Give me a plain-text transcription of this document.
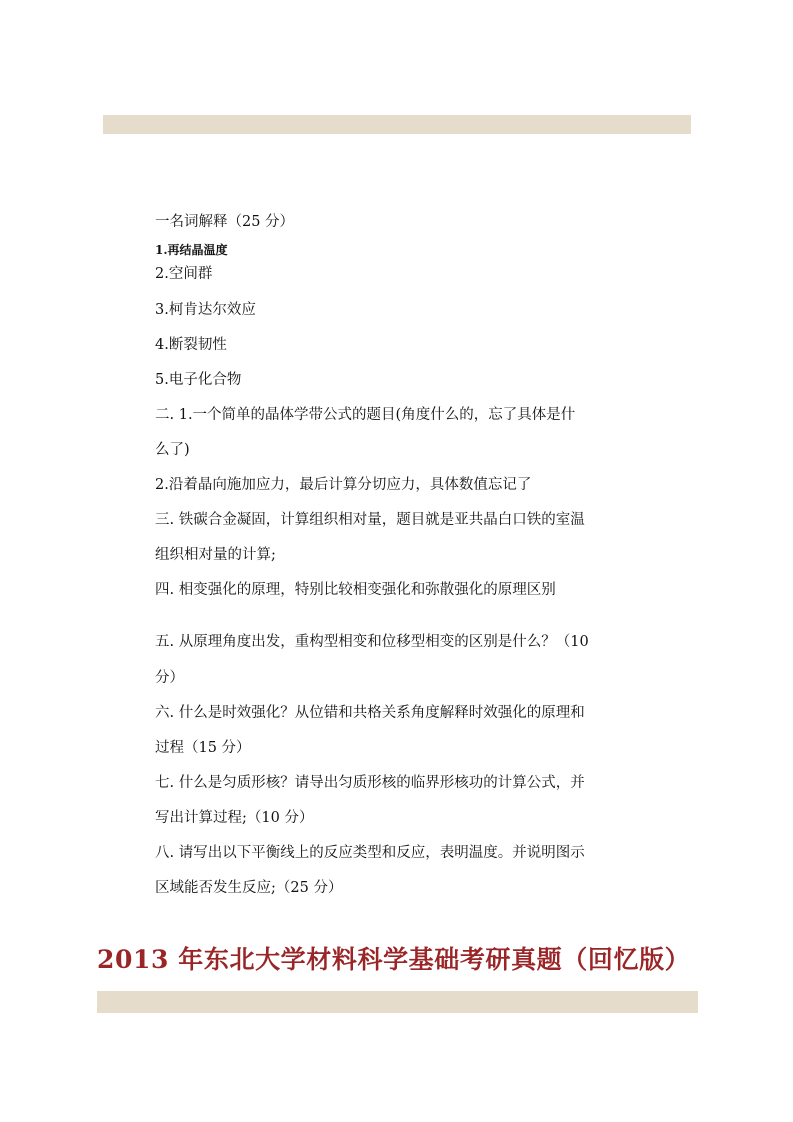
一名词解释（25 分）
1.再结晶温度
2.空间群
3.柯肯达尔效应
4.断裂韧性
5.电子化合物
二. 1.一个简单的晶体学带公式的题目(角度什么的，忘了具体是什
么了)
2.沿着晶向施加应力，最后计算分切应力，具体数值忘记了
三. 铁碳合金凝固，计算组织相对量，题目就是亚共晶白口铁的室温
组织相对量的计算;
四. 相变强化的原理，特别比较相变强化和弥散强化的原理区别
五. 从原理角度出发，重构型相变和位移型相变的区别是什么？（10
分）
六. 什么是时效强化？从位错和共格关系角度解释时效强化的原理和
过程（15 分）
七. 什么是匀质形核？请导出匀质形核的临界形核功的计算公式，并
写出计算过程;（10 分）
八. 请写出以下平衡线上的反应类型和反应，表明温度。并说明图示
区域能否发生反应;（25 分）
2013 年东北大学材料科学基础考研真题（回忆版）
